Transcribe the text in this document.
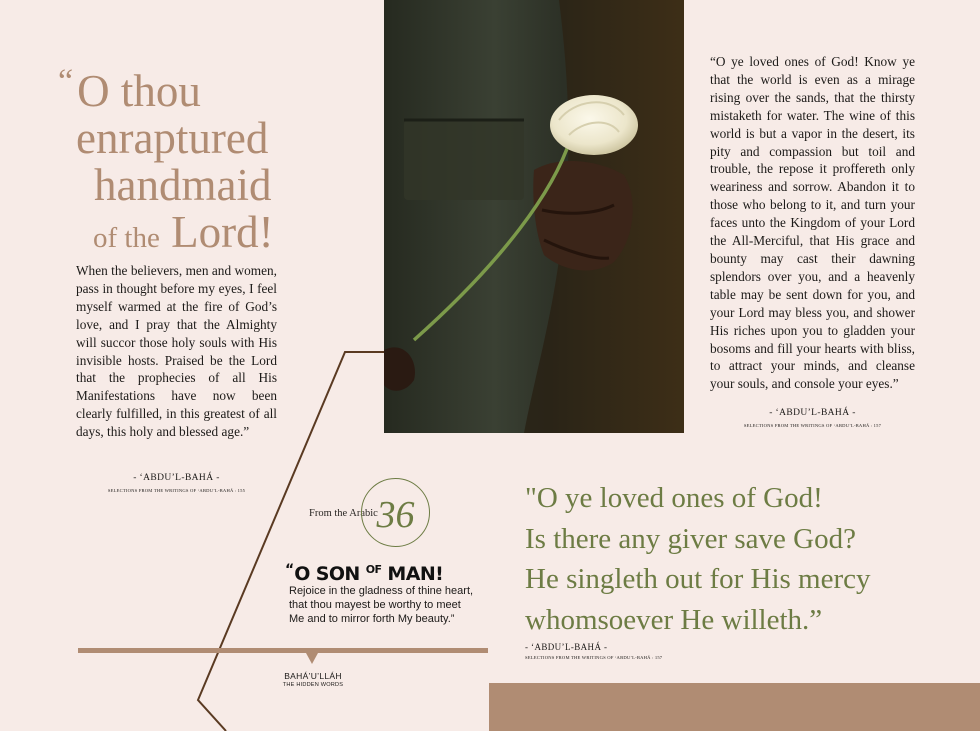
“O thou
enraptured
handmaid
of the Lord!
When the believers, men and women, pass in thought before my eyes, I feel myself warmed at the fire of God’s love, and I pray that the Almighty will succor those holy souls with His invisible hosts. Praised be the Lord that the prophecies of all His Manifestations have now been clearly fulfilled, in this greatest of all days, this holy and blessed age.”
- ‘ABDU’L-BAHÁ -
SELECTIONS FROM THE WRITINGS OF ‘ABDU’L-BAHÁ : 155
“O ye loved ones of God! Know ye that the world is even as a mirage rising over the sands, that the thirsty mistaketh for water. The wine of this world is but a vapor in the desert, its pity and compassion but toil and trouble, the repose it proffereth only weariness and sorrow. Abandon it to those who belong to it, and turn your faces unto the Kingdom of your Lord the All-Merciful, that His grace and bounty may cast their dawning splendors over you, and a heavenly table may be sent down for you, and your Lord may bless you, and shower His riches upon you to gladden your bosoms and fill your hearts with bliss, to attract your minds, and cleanse your souls, and console your eyes.”
- ‘ABDU’L-BAHÁ -
SELECTIONS FROM THE WRITINGS OF ‘ABDU’L-BAHÁ : 157
"O ye loved ones of God!
Is there any giver save God?
He singleth out for His mercy
whomsoever He willeth.”
- ‘ABDU’L-BAHÁ -
SELECTIONS FROM THE WRITINGS OF ‘ABDU’L-BAHÁ : 157
From the Arabic
36
“O SON $^{OF}$ MAN!
Rejoice in the gladness of thine heart, that thou mayest be worthy to meet Me and to mirror forth My beauty.”
BAHÁ’U’LLÁH
THE HIDDEN WORDS
